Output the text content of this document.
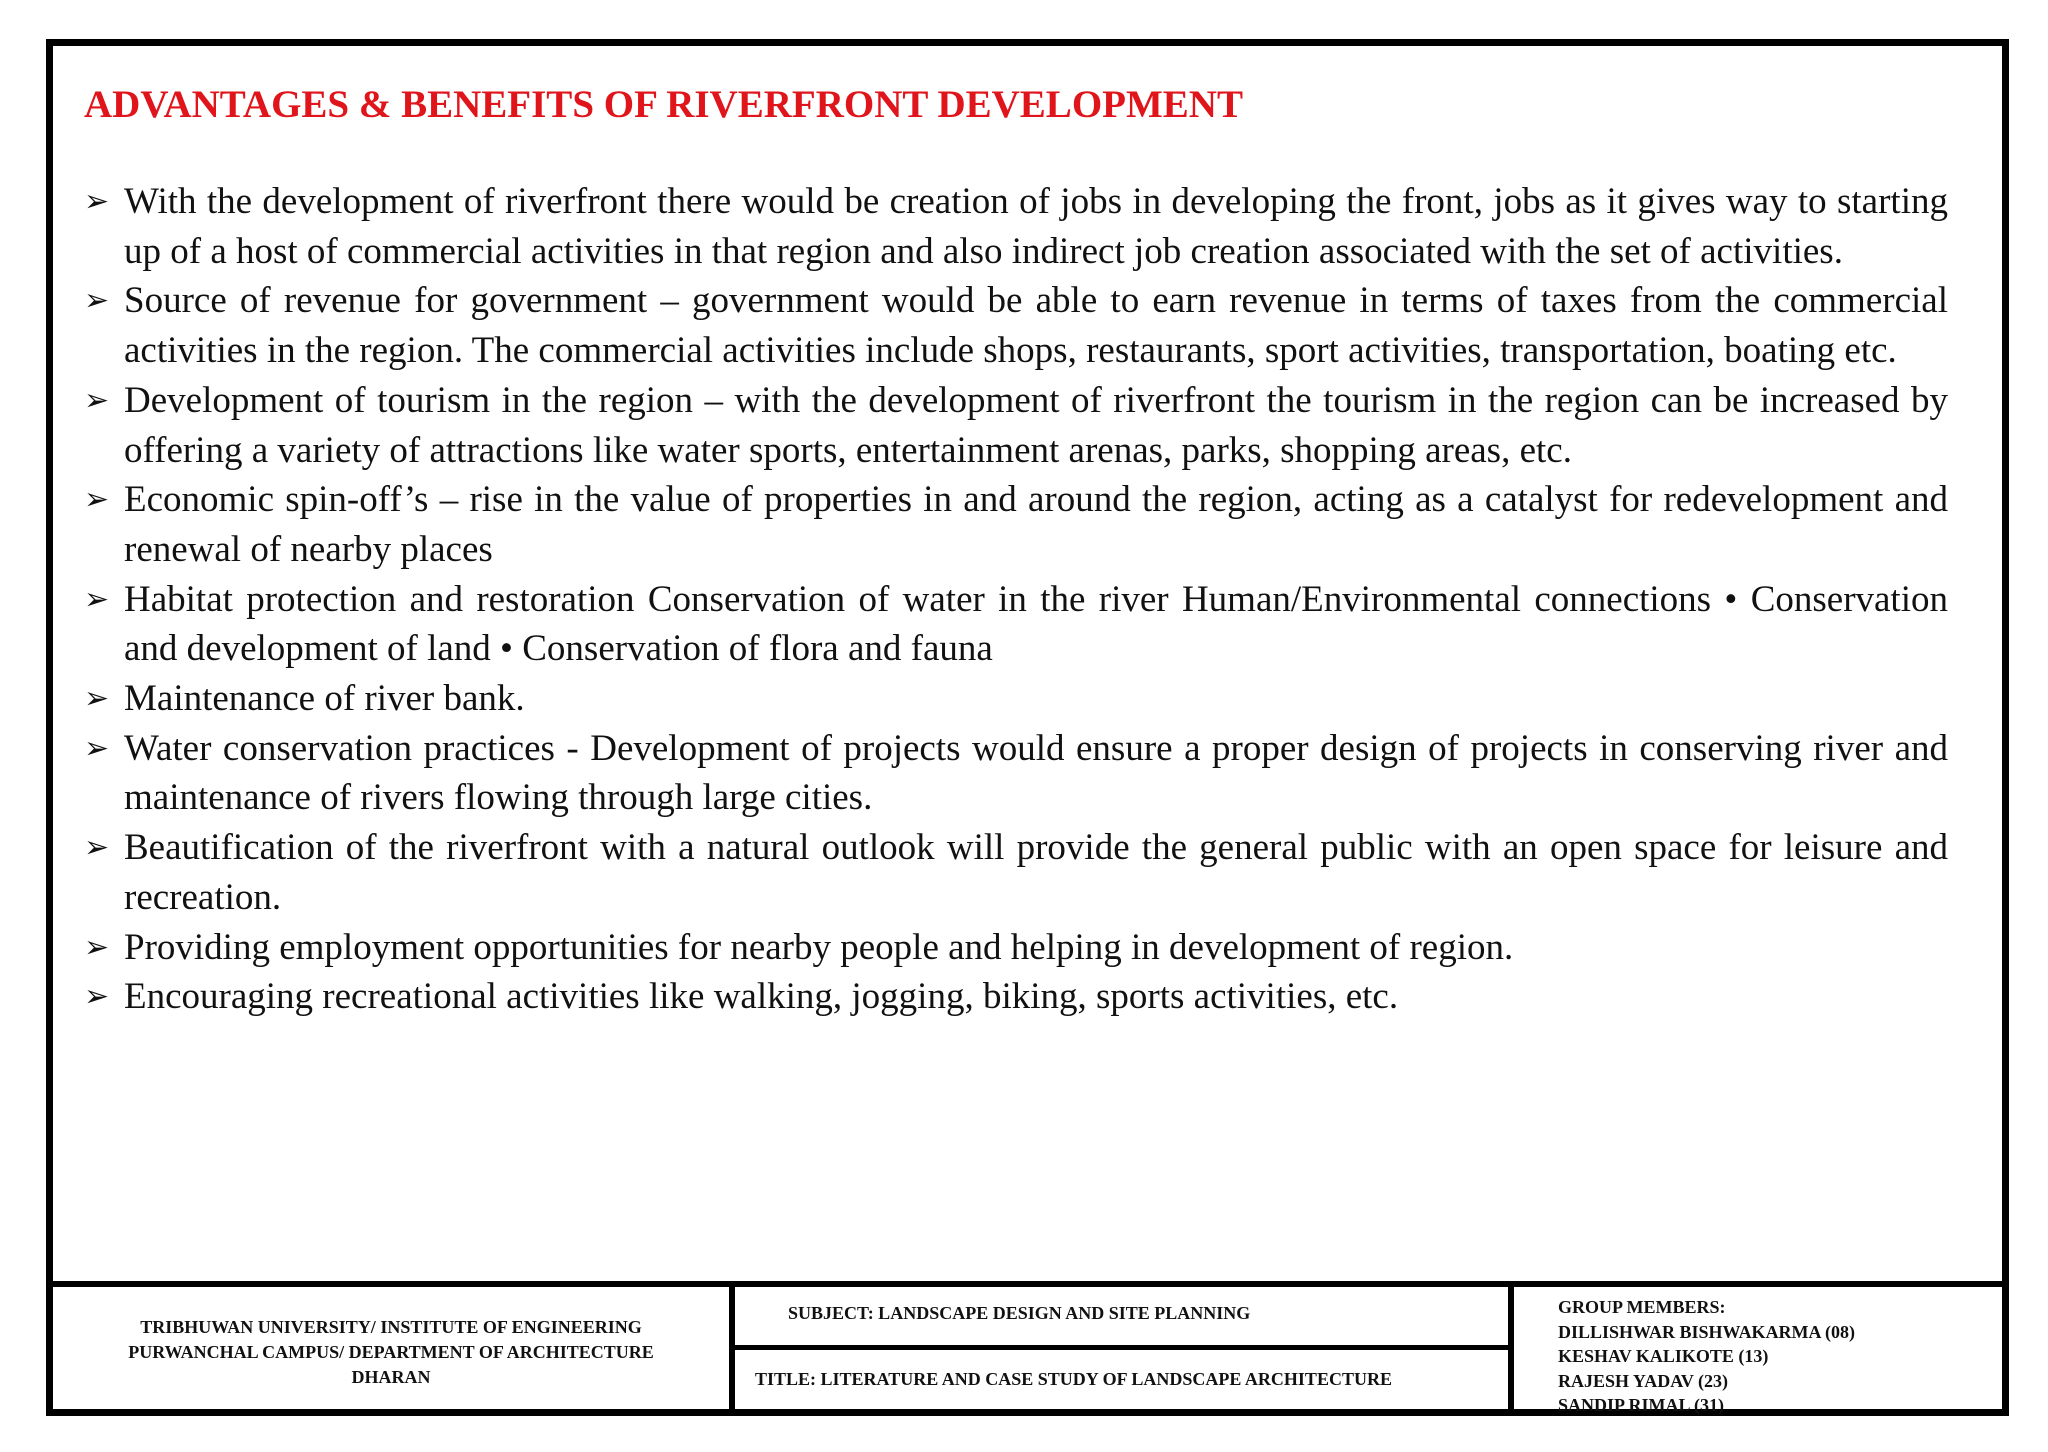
ADVANTAGES & BENEFITS OF RIVERFRONT DEVELOPMENT
➢ With the development of riverfront there would be creation of jobs in developing the front, jobs as it gives way to starting up of a host of commercial activities in that region and also indirect job creation associated with the set of activities.
➢ Source of revenue for government – government would be able to earn revenue in terms of taxes from the commercial activities in the region. The commercial activities include shops, restaurants, sport activities, transportation, boating etc.
➢ Development of tourism in the region – with the development of riverfront the tourism in the region can be increased by offering a variety of attractions like water sports, entertainment arenas, parks, shopping areas, etc.
➢ Economic spin-off’s – rise in the value of properties in and around the region, acting as a catalyst for redevelopment and renewal of nearby places
➢ Habitat protection and restoration Conservation of water in the river Human/Environmental connections • Conservation and development of land • Conservation of flora and fauna
➢ Maintenance of river bank.
➢ Water conservation practices - Development of projects would ensure a proper design of projects in conserving river and maintenance of rivers flowing through large cities.
➢ Beautification of the riverfront with a natural outlook will provide the general public with an open space for leisure and recreation.
➢ Providing employment opportunities for nearby people and helping in development of region.
➢ Encouraging recreational activities like walking, jogging, biking, sports activities, etc.
TRIBHUWAN UNIVERSITY/ INSTITUTE OF ENGINEERING
PURWANCHAL CAMPUS/ DEPARTMENT OF ARCHITECTURE
DHARAN
SUBJECT: LANDSCAPE DESIGN AND SITE PLANNING
TITLE: LITERATURE AND CASE STUDY OF LANDSCAPE ARCHITECTURE
GROUP MEMBERS:
DILLISHWAR BISHWAKARMA (08)
KESHAV KALIKOTE (13)
RAJESH YADAV (23)
SANDIP RIMAL (31)
